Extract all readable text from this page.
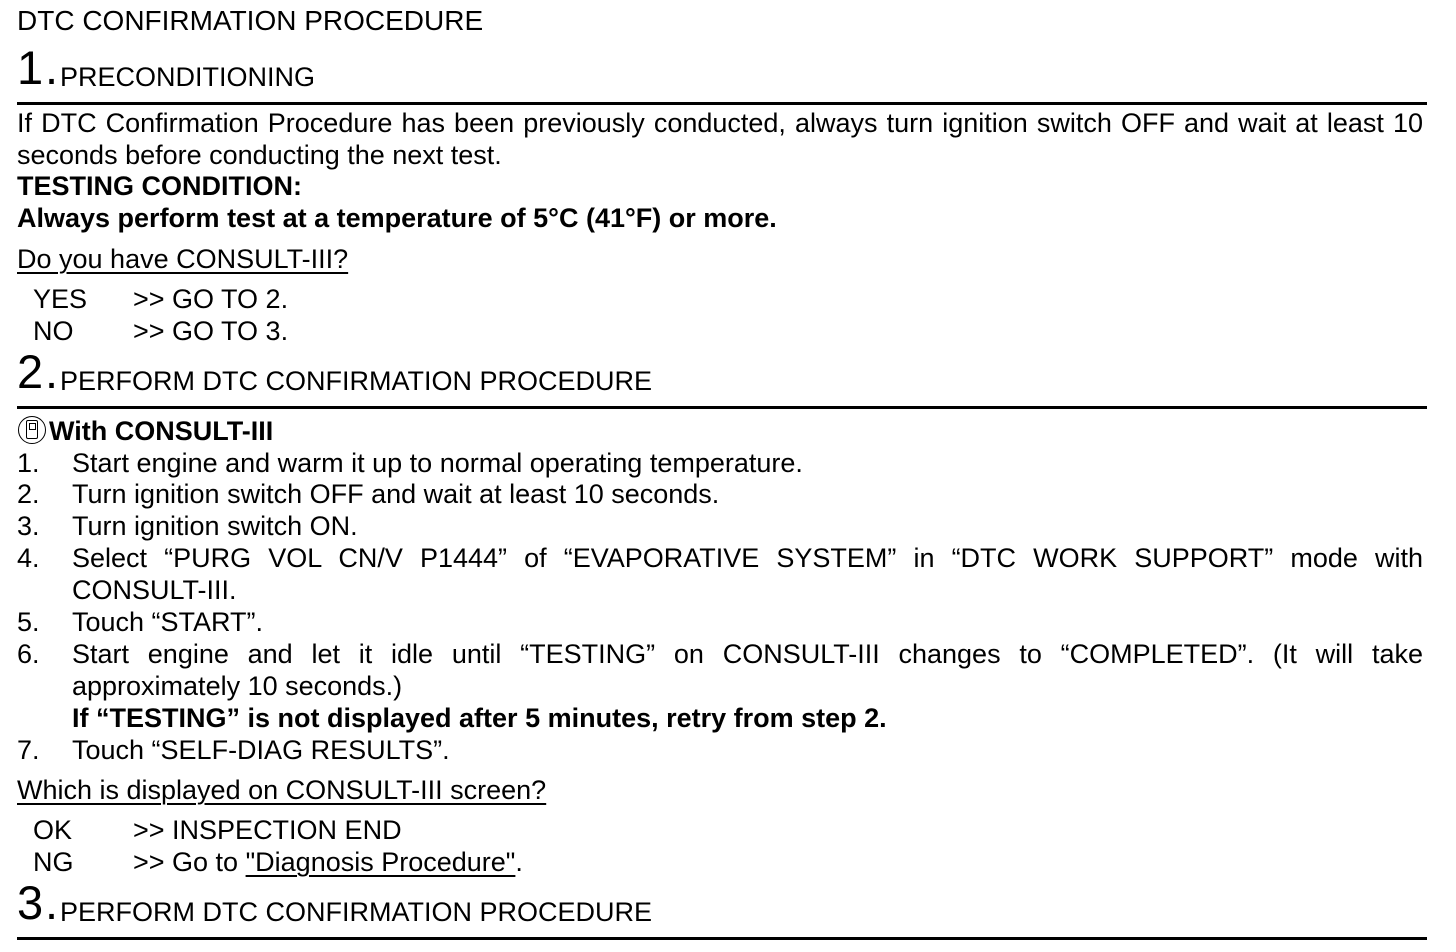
DTC CONFIRMATION PROCEDURE
1 . PRECONDITIONING
If DTC Confirmation Procedure has been previously conducted, always turn ignition switch OFF and wait at least 10 seconds before conducting the next test.
TESTING CONDITION:
Always perform test at a temperature of 5°C (41°F) or more.
Do you have CONSULT-III?
YES >> GO TO 2.
NO >> GO TO 3.
2 . PERFORM DTC CONFIRMATION PROCEDURE
With CONSULT-III
1. Start engine and warm it up to normal operating temperature.
2. Turn ignition switch OFF and wait at least 10 seconds.
3. Turn ignition switch ON.
4. Select “PURG VOL CN/V P1444” of “EVAPORATIVE SYSTEM” in “DTC WORK SUPPORT” mode with CONSULT-III.
5. Touch “START”.
6. Start engine and let it idle until “TESTING” on CONSULT-III changes to “COMPLETED”. (It will take approximately 10 seconds.)
If “TESTING” is not displayed after 5 minutes, retry from step 2.
7. Touch “SELF-DIAG RESULTS”.
Which is displayed on CONSULT-III screen?
OK >> INSPECTION END
NG >> Go to "Diagnosis Procedure".
3 . PERFORM DTC CONFIRMATION PROCEDURE
